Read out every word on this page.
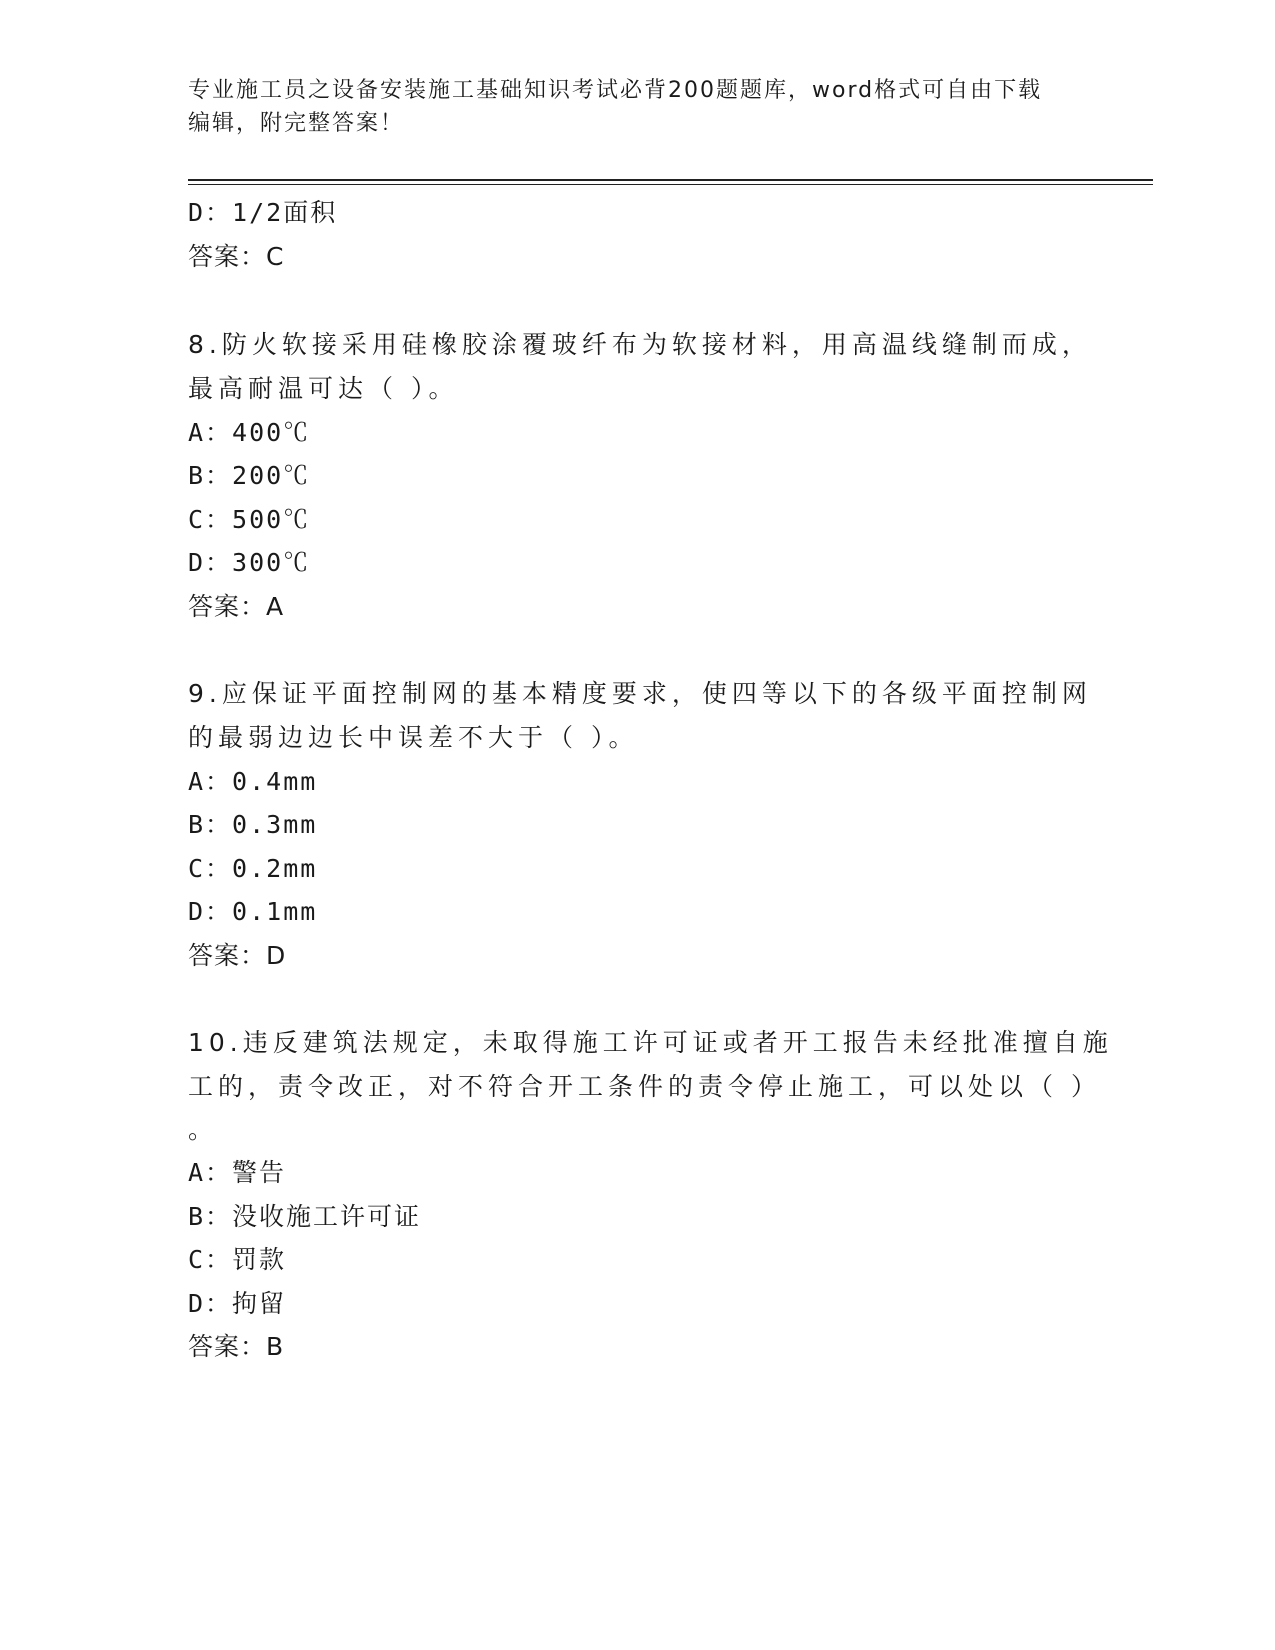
专业施工员之设备安装施工基础知识考试必背200题题库，word格式可自由下载
编辑，附完整答案！
D：1/2面积
答案：C
8.防火软接采用硅橡胶涂覆玻纤布为软接材料，用高温线缝制而成，
最高耐温可达（ ）。
A：400℃
B：200℃
C：500℃
D：300℃
答案：A
9.应保证平面控制网的基本精度要求，使四等以下的各级平面控制网
的最弱边边长中误差不大于（ ）。
A：0.4mm
B：0.3mm
C：0.2mm
D：0.1mm
答案：D
10.违反建筑法规定，未取得施工许可证或者开工报告未经批准擅自施
工的，责令改正，对不符合开工条件的责令停止施工，可以处以（ ）
。
A：警告
B：没收施工许可证
C：罚款
D：拘留
答案：B
